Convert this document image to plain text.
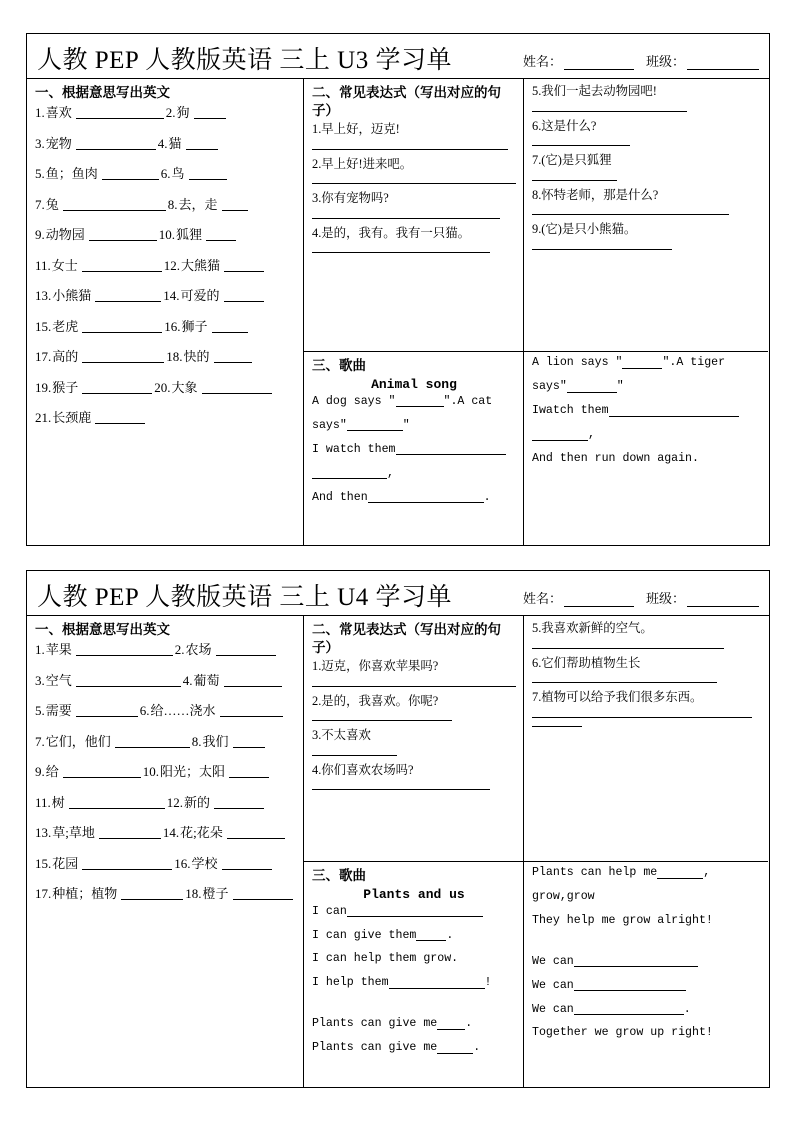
人教 PEP 人教版英语 三上 U3 学习单	姓名：	班级：
一、根据意思写出英文
1. 喜欢	2. 狗
3. 宠物	4. 猫
5. 鱼；鱼肉	6. 鸟
7. 兔	8. 去，走
9. 动物园	10. 狐狸
11. 女士	12. 大熊猫
13. 小熊猫	14. 可爱的
15. 老虎	16. 狮子
17. 高的	18. 快的
19. 猴子	20. 大象
21. 长颈鹿
二、常见表达式（写出对应的句子）
1.早上好，迈克!
2.早上好!进来吧。
3.你有宠物吗?
4.是的，我有。我有一只猫。
三、歌曲
Animal song
A dog says "	".A cat
says"	"
I watch them
,
And then	.
5.我们一起去动物园吧!
6.这是什么?
7.(它)是只狐狸
8.怀特老师，那是什么?
9.(它)是只小熊猫。
A lion says "	".A tiger
says"	"
Iwatch them
,
And then run down again.
人教 PEP 人教版英语 三上 U4 学习单	姓名：	班级：
一、根据意思写出英文
1. 苹果	2. 农场
3. 空气	4. 葡萄
5. 需要	6. 给……浇水
7. 它们，他们	8. 我们
9. 给	10. 阳光；太阳
11. 树	12. 新的
13. 草;草地	14. 花;花朵
15. 花园	16. 学校
17. 种植；植物	18. 橙子
二、常见表达式（写出对应的句子）
1.迈克，你喜欢苹果吗?
2.是的，我喜欢。你呢?
3.不太喜欢
4.你们喜欢农场吗?
三、歌曲
Plants and us
I can
I can give them	.
I can help them grow.
I help them	!

Plants can give me .
Plants can give me	.
5.我喜欢新鲜的空气。
6.它们帮助植物生长
7.植物可以给予我们很多东西。
Plants can help me	,
grow,grow
They help me grow alright!

We can
We can
We can	.
Together we grow up right!
